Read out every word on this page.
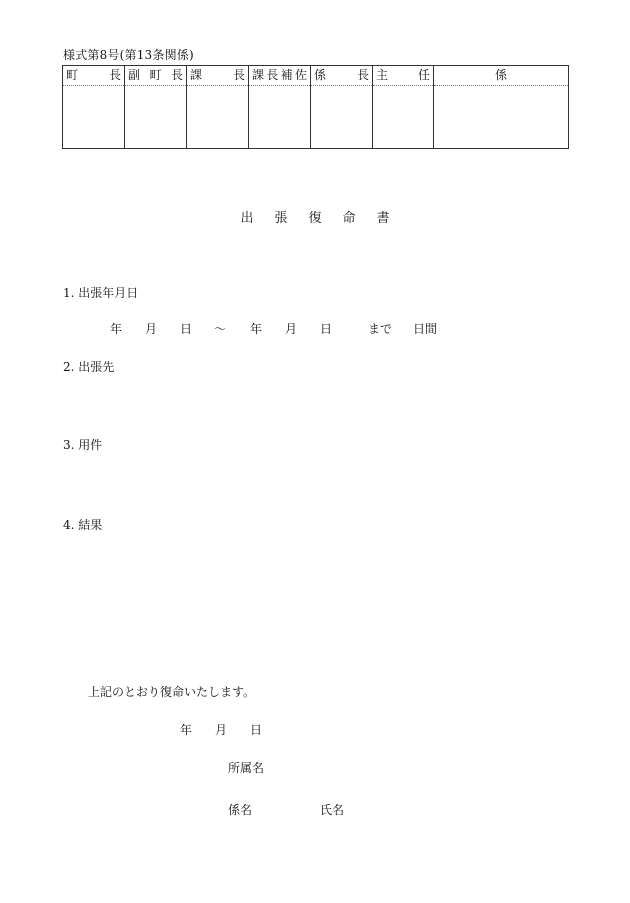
様式第8号(第13条関係)
町 長	副 町 長	課 長	課 長 補 佐	係 長	主 任	係

出張復命書
1. 出張年月日
年 月 日 ～ 年 月 日	まで 日間
2. 出張先
3. 用件
4. 結果
上記のとおり復命いたします。
年 月 日
所属名
係名	氏名
